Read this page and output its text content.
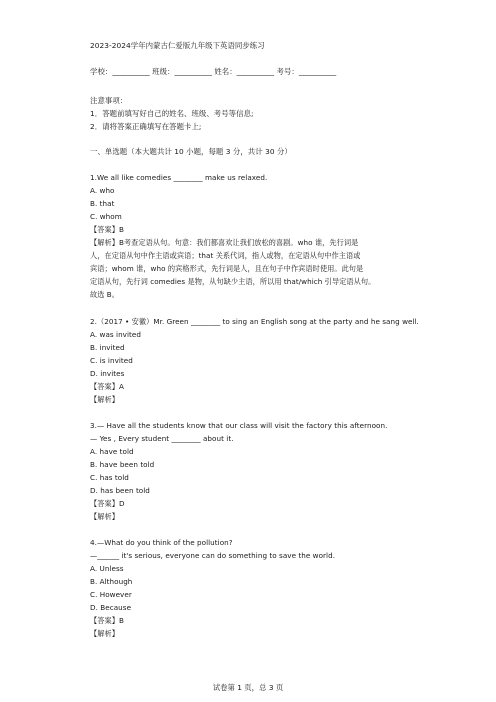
2023-2024学年内蒙古仁爱版九年级下英语同步练习
学校：__________ 班级：__________ 姓名：__________ 考号：__________
注意事项：
1．答题前填写好自己的姓名、班级、考号等信息;
2．请将答案正确填写在答题卡上;
一、单选题（本大题共计 10 小题，每题 3 分，共计 30 分）
1.We all like comedies ________ make us relaxed.
A. who
B. that
C. whom
【答案】B
【解析】B考查定语从句。句意：我们都喜欢让我们放松的喜剧。who 谁，先行词是
人，在定语从句中作主语或宾语；that 关系代词，指人或物，在定语从句中作主语或
宾语；whom 谁，who 的宾格形式，先行词是人，且在句子中作宾语时使用。此句是
定语从句，先行词 comedies 是物，从句缺少主语，所以用 that/which 引导定语从句。
故选 B。
2.（2017 • 安徽）Mr. Green ________ to sing an English song at the party and he sang well.
A. was invited
B. invited
C. is invited
D. invites
【答案】A
【解析】
3.— Have all the students know that our class will visit the factory this afternoon.
— Yes , Every student ________ about it.
A. have told
B. have been told
C. has told
D. has been told
【答案】D
【解析】
4.—What do you think of the pollution?
—______ it's serious, everyone can do something to save the world.
A. Unless
B. Although
C. However
D. Because
【答案】B
【解析】
试卷第 1 页，总 3 页
